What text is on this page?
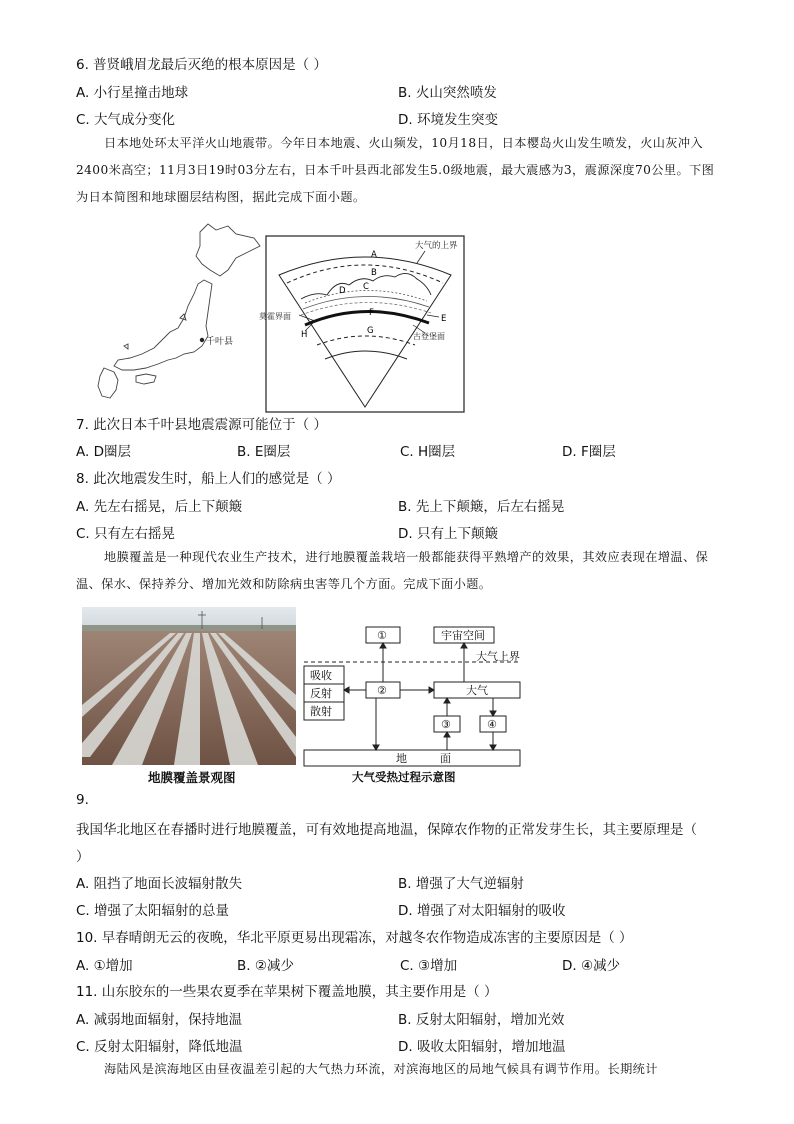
6. 普贤峨眉龙最后灭绝的根本原因是（ ）
A. 小行星撞击地球	B. 火山突然喷发
C. 大气成分变化	D. 环境发生突变
日本地处环太平洋火山地震带。今年日本地震、火山频发，10月18日，日本樱岛火山发生喷发，火山灰冲入2400米高空；11月3日19时03分左右，日本千叶县西北部发生5.0级地震，最大震感为3，震源深度70公里。下图为日本简图和地球圈层结构图，据此完成下面小题。
千叶县
大气的上界
A
B
C
D
E
F
G
H
莫霍界面
古登堡面
7. 此次日本千叶县地震震源可能位于（ ）
A. D圈层	B. E圈层	C. H圈层	D. F圈层
8. 此次地震发生时，船上人们的感觉是（ ）
A. 先左右摇晃，后上下颠簸	B. 先上下颠簸，后左右摇晃
C. 只有左右摇晃	D. 只有上下颠簸
地膜覆盖是一种现代农业生产技术，进行地膜覆盖栽培一般都能获得平熟增产的效果，其效应表现在增温、保温、保水、保持养分、增加光效和防除病虫害等几个方面。完成下面小题。
地膜覆盖景观图
①	宇宙空间
大气上界
吸收
反射
散射
②	大气
③	④
地	面
大气受热过程示意图
9.
我国华北地区在春播时进行地膜覆盖，可有效地提高地温，保障农作物的正常发芽生长，其主要原理是（
）
A. 阻挡了地面长波辐射散失	B. 增强了大气逆辐射
C. 增强了太阳辐射的总量	D. 增强了对太阳辐射的吸收
10. 早春晴朗无云的夜晚，华北平原更易出现霜冻，对越冬农作物造成冻害的主要原因是（ ）
A. ①增加	B. ②减少	C. ③增加	D. ④减少
11. 山东胶东的一些果农夏季在苹果树下覆盖地膜，其主要作用是（ ）
A. 减弱地面辐射，保持地温	B. 反射太阳辐射，增加光效
C. 反射太阳辐射，降低地温	D. 吸收太阳辐射，增加地温
海陆风是滨海地区由昼夜温差引起的大气热力环流，对滨海地区的局地气候具有调节作用。长期统计
